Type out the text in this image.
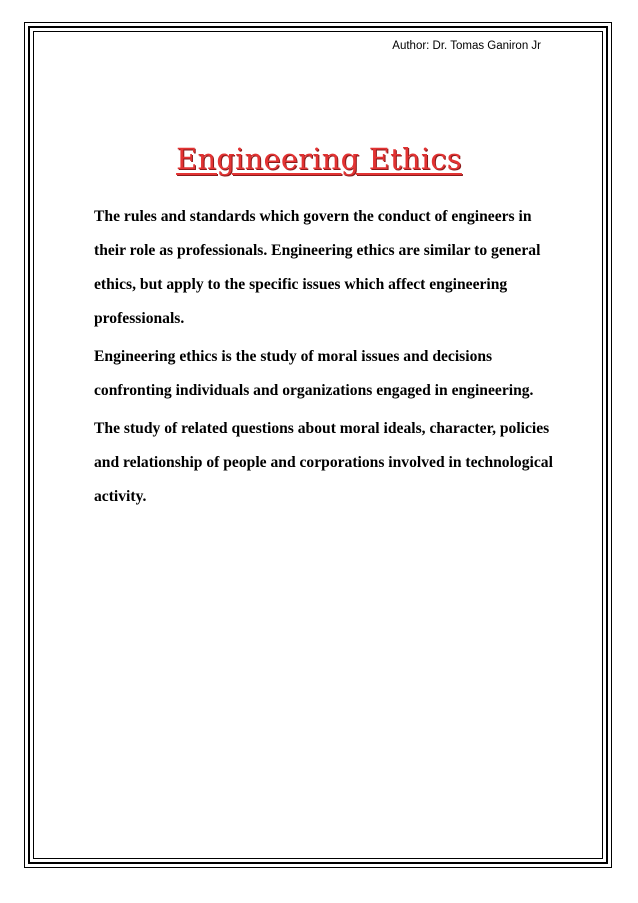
Author: Dr. Tomas Ganiron Jr
Engineering Ethics

The rules and standards which govern the conduct of engineers in their role as professionals. Engineering ethics are similar to general ethics, but apply to the specific issues which affect engineering professionals.

Engineering ethics is the study of moral issues and decisions confronting individuals and organizations engaged in engineering.

The study of related questions about moral ideals, character, policies and relationship of people and corporations involved in technological activity.
